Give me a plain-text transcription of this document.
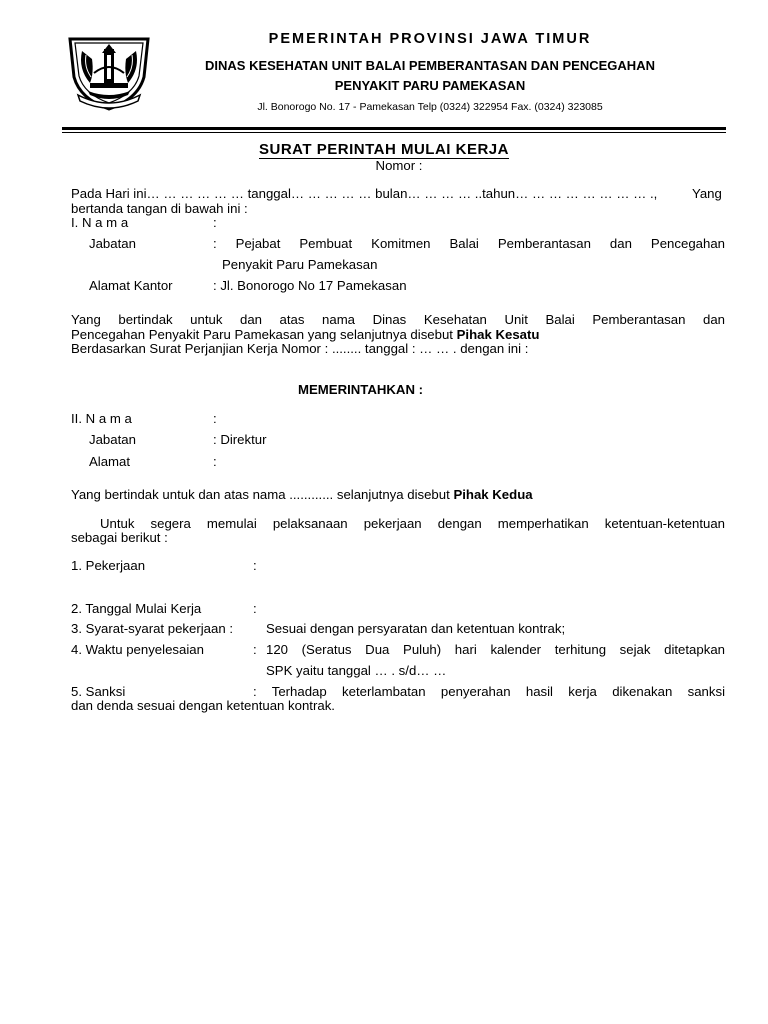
PEMERINTAH PROVINSI JAWA TIMUR
DINAS KESEHATAN UNIT BALAI PEMBERANTASAN DAN PENCEGAHAN
PENYAKIT PARU PAMEKASAN
Jl. Bonorogo No. 17 - Pamekasan Telp (0324) 322954 Fax. (0324) 323085
SURAT PERINTAH MULAI KERJA
Nomor :
Pada Hari ini… … … … … … tanggal… … … … … bulan… … … … ..tahun… … … … … … … … .,	Yang
bertanda tangan di bawah ini :
I. N a m a	:
Jabatan	: Pejabat Pembuat Komitmen Balai Pemberantasan dan Pencegahan
Penyakit Paru Pamekasan
Alamat Kantor	: Jl. Bonorogo No 17 Pamekasan
Yang bertindak untuk dan atas nama Dinas Kesehatan Unit Balai Pemberantasan dan
Pencegahan Penyakit Paru Pamekasan yang selanjutnya disebut Pihak Kesatu
Berdasarkan Surat Perjanjian Kerja Nomor : ........ tanggal : … … . dengan ini :
MEMERINTAHKAN :
II. N a m a	:
Jabatan	: Direktur
Alamat	:
Yang bertindak untuk dan atas nama ............ selanjutnya disebut Pihak Kedua
Untuk segera memulai pelaksanaan pekerjaan dengan memperhatikan ketentuan-ketentuan
sebagai berikut :
1. Pekerjaan	:
2. Tanggal Mulai Kerja	:
3. Syarat-syarat pekerjaan :	Sesuai dengan persyaratan dan ketentuan kontrak;
4. Waktu penyelesaian	: 120 (Seratus Dua Puluh) hari kalender terhitung sejak ditetapkan
SPK yaitu tanggal … . s/d… …
5. Sanksi	: Terhadap keterlambatan penyerahan hasil kerja dikenakan sanksi
dan denda sesuai dengan ketentuan kontrak.
